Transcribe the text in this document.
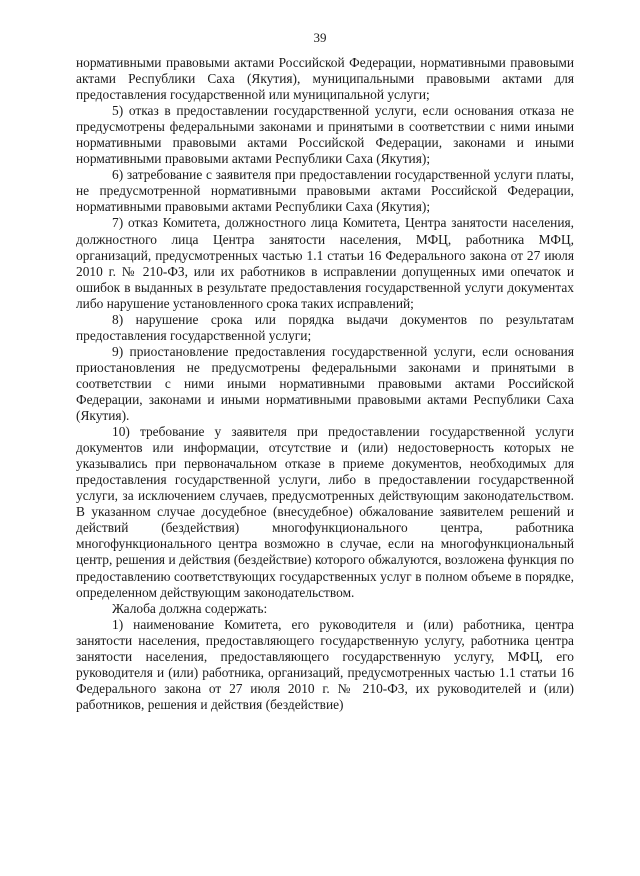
39

нормативными правовыми актами Российской Федерации, нормативными правовыми актами Республики Саха (Якутия), муниципальными правовыми актами для предоставления государственной или муниципальной услуги;

5) отказ в предоставлении государственной услуги, если основания отказа не предусмотрены федеральными законами и принятыми в соответствии с ними иными нормативными правовыми актами Российской Федерации, законами и иными нормативными правовыми актами Республики Саха (Якутия);

6) затребование с заявителя при предоставлении государственной услуги платы, не предусмотренной нормативными правовыми актами Российской Федерации, нормативными правовыми актами Республики Саха (Якутия);

7) отказ Комитета, должностного лица Комитета, Центра занятости населения, должностного лица Центра занятости населения, МФЦ, работника МФЦ, организаций, предусмотренных частью 1.1 статьи 16 Федерального закона от 27 июля 2010 г. № 210-ФЗ, или их работников в исправлении допущенных ими опечаток и ошибок в выданных в результате предоставления государственной услуги документах либо нарушение установленного срока таких исправлений;

8) нарушение срока или порядка выдачи документов по результатам предоставления государственной услуги;

9) приостановление предоставления государственной услуги, если основания приостановления не предусмотрены федеральными законами и принятыми в соответствии с ними иными нормативными правовыми актами Российской Федерации, законами и иными нормативными правовыми актами Республики Саха (Якутия).

10) требование у заявителя при предоставлении государственной услуги документов или информации, отсутствие и (или) недостоверность которых не указывались при первоначальном отказе в приеме документов, необходимых для предоставления государственной услуги, либо в предоставлении государственной услуги, за исключением случаев, предусмотренных действующим законодательством. В указанном случае досудебное (внесудебное) обжалование заявителем решений и действий (бездействия) многофункционального центра, работника многофункционального центра возможно в случае, если на многофункциональный центр, решения и действия (бездействие) которого обжалуются, возложена функция по предоставлению соответствующих государственных услуг в полном объеме в порядке, определенном действующим законодательством.

Жалоба должна содержать:

1) наименование Комитета, его руководителя и (или) работника, центра занятости населения, предоставляющего государственную услугу, работника центра занятости населения, предоставляющего государственную услугу, МФЦ, его руководителя и (или) работника, организаций, предусмотренных частью 1.1 статьи 16 Федерального закона от 27 июля 2010 г. № 210-ФЗ, их руководителей и (или) работников, решения и действия (бездействие)
